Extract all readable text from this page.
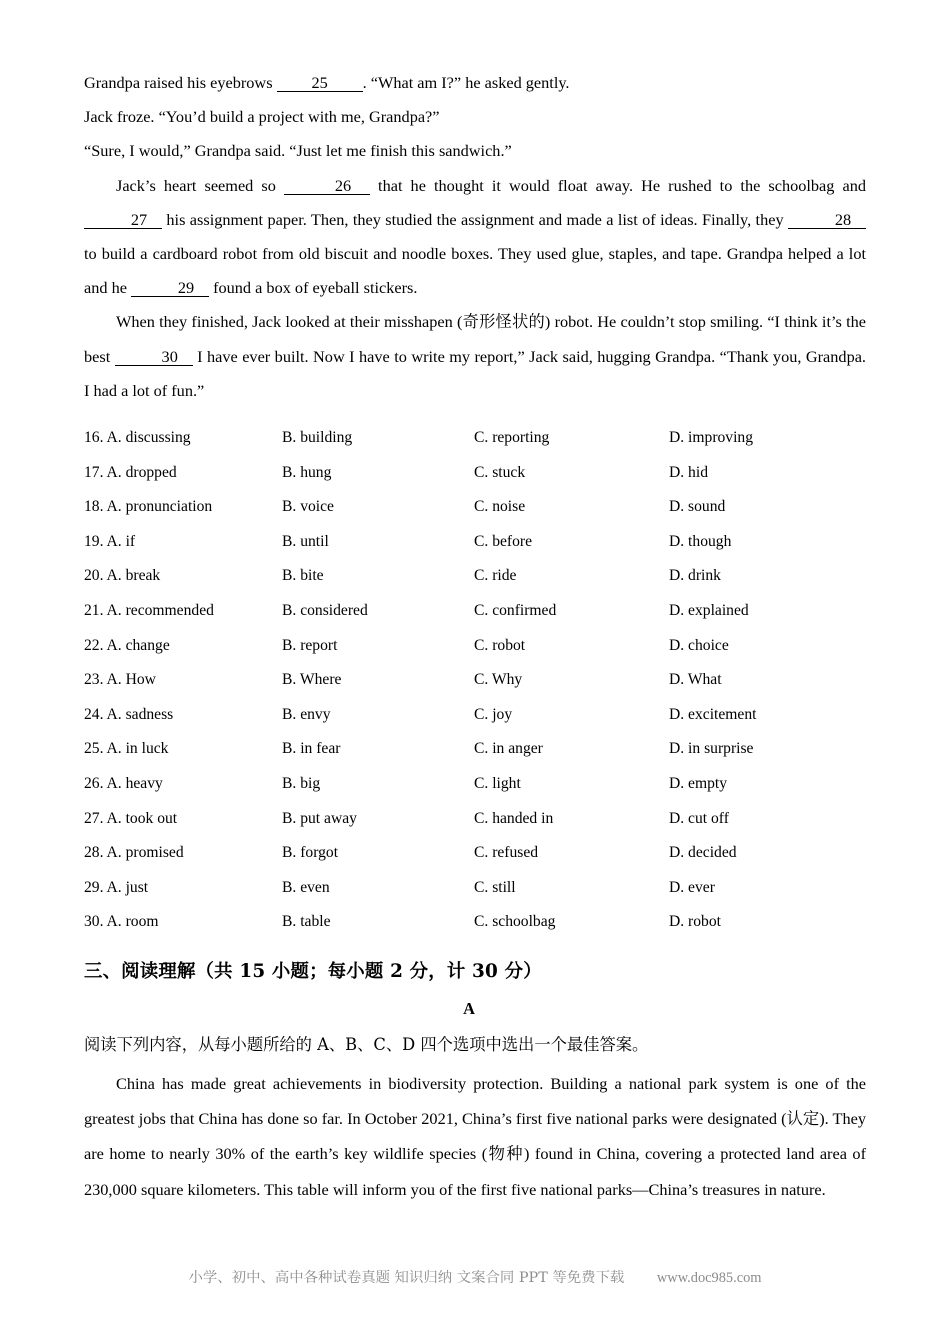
Grandpa raised his eyebrows 25 . “What am I?” he asked gently.

Jack froze. “You’d build a project with me, Grandpa?”

“Sure, I would,” Grandpa said. “Just let me finish this sandwich.”

Jack’s heart seemed so	26 that he thought it would float away. He rushed to the schoolbag and 27 his assignment paper. Then, they studied the assignment and made a list of ideas. Finally, they	28 to build a cardboard robot from old biscuit and noodle boxes. They used glue, staples, and tape. Grandpa helped a lot and he	29 found a box of eyeball stickers.

When they finished, Jack looked at their misshapen (奇形怪状的) robot. He couldn’t stop smiling. “I think it’s the best	30 I have ever built. Now I have to write my report,” Jack said, hugging Grandpa. “Thank you, Grandpa. I had a lot of fun.”

16. A. discussing	B. building	C. reporting	D. improving
17. A. dropped	B. hung	C. stuck	D. hid
18. A. pronunciation	B. voice	C. noise	D. sound
19. A. if	B. until	C. before	D. though
20. A. break	B. bite	C. ride	D. drink
21. A. recommended	B. considered	C. confirmed	D. explained
22. A. change	B. report	C. robot	D. choice
23. A. How	B. Where	C. Why	D. What
24. A. sadness	B. envy	C. joy	D. excitement
25. A. in luck	B. in fear	C. in anger	D. in surprise
26. A. heavy	B. big	C. light	D. empty
27. A. took out	B. put away	C. handed in	D. cut off
28. A. promised	B. forgot	C. refused	D. decided
29. A. just	B. even	C. still	D. ever
30. A. room	B. table	C. schoolbag	D. robot
三、阅读理解（共 15 小题；每小题 2 分，计 30 分）
A
阅读下列内容，从每小题所给的 A、B、C、D 四个选项中选出一个最佳答案。

China has made great achievements in biodiversity protection. Building a national park system is one of the greatest jobs that China has done so far. In October 2021, China’s first five national parks were designated (认定). They are home to nearly 30% of the earth’s key wildlife species (物种) found in China, covering a protected land area of 230,000 square kilometers. This table will inform you of the first five national parks—China’s treasures in nature.

小学、初中、高中各种试卷真题 知识归纳 文案合同 PPT 等免费下载 www.doc985.com
